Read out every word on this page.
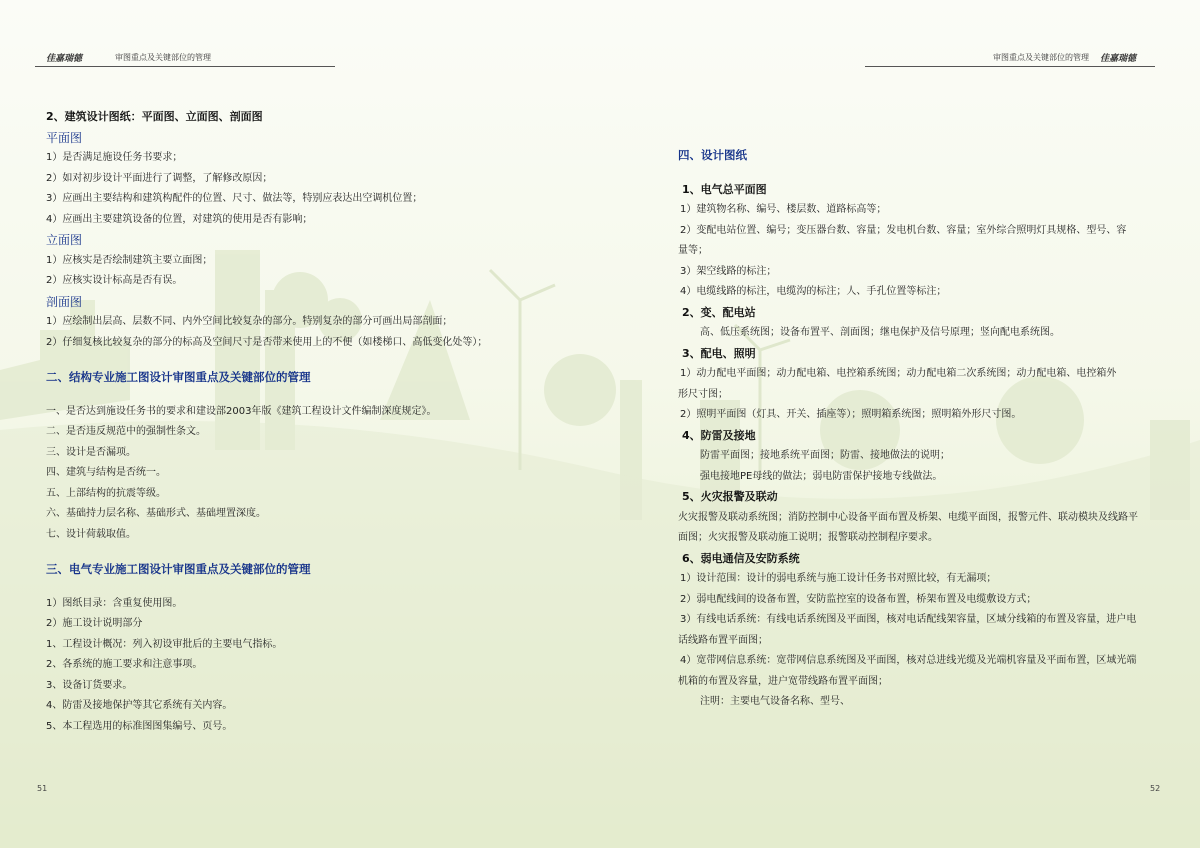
佳嘉瑞德	审图重点及关键部位的管理

2、建筑设计图纸：平面图、立面图、剖面图

平面图

1）是否满足施设任务书要求；

2）如对初步设计平面进行了调整，了解修改原因；

3）应画出主要结构和建筑构配件的位置、尺寸、做法等，特别应表达出空调机位置；

4）应画出主要建筑设备的位置，对建筑的使用是否有影响；

立面图

1）应核实是否绘制建筑主要立面图；

2）应核实设计标高是否有误。

剖面图

1）应绘制出层高、层数不同、内外空间比较复杂的部分。特别复杂的部分可画出局部剖面；

2）仔细复核比较复杂的部分的标高及空间尺寸是否带来使用上的不便（如楼梯口、高低变化处等）；

二、结构专业施工图设计审图重点及关键部位的管理

一、是否达到施设任务书的要求和建设部2003年版《建筑工程设计文件编制深度规定》。

二、是否违反规范中的强制性条文。

三、设计是否漏项。

四、建筑与结构是否统一。

五、上部结构的抗震等级。

六、基础持力层名称、基础形式、基础埋置深度。

七、设计荷载取值。

三、电气专业施工图设计审图重点及关键部位的管理

1）图纸目录：含重复使用图。

2）施工设计说明部分

1、工程设计概况：列入初设审批后的主要电气指标。

2、各系统的施工要求和注意事项。

3、设备订货要求。

4、防雷及接地保护等其它系统有关内容。

5、本工程选用的标准图图集编号、页号。

51
审图重点及关键部位的管理 佳嘉瑞德

四、设计图纸

1、电气总平面图

1）建筑物名称、编号、楼层数、道路标高等；

2）变配电站位置、编号；变压器台数、容量；发电机台数、容量；室外综合照明灯具规格、型号、容

量等；

3）架空线路的标注；

4）电缆线路的标注，电缆沟的标注；人、手孔位置等标注；

2、变、配电站

高、低压系统图；设备布置平、剖面图；继电保护及信号原理；竖向配电系统图。

3、配电、照明

1）动力配电平面图；动力配电箱、电控箱系统图；动力配电箱二次系统图；动力配电箱、电控箱外

形尺寸图；

2）照明平面图（灯具、开关、插座等）；照明箱系统图；照明箱外形尺寸图。

4、防雷及接地

防雷平面图；接地系统平面图；防雷、接地做法的说明；

强电接地PE母线的做法；弱电防雷保护接地专线做法。

5、火灾报警及联动

火灾报警及联动系统图；消防控制中心设备平面布置及桥架、电缆平面图，报警元件、联动模块及线路平

面图；火灾报警及联动施工说明；报警联动控制程序要求。

6、弱电通信及安防系统

1）设计范围：设计的弱电系统与施工设计任务书对照比较，有无漏项；

2）弱电配线间的设备布置，安防监控室的设备布置，桥架布置及电缆敷设方式；

3）有线电话系统：有线电话系统图及平面图，核对电话配线架容量，区域分线箱的布置及容量，进户电

话线路布置平面图；

4）宽带网信息系统：宽带网信息系统图及平面图，核对总进线光缆及光端机容量及平面布置，区域光端

机箱的布置及容量，进户宽带线路布置平面图；

注明：主要电气设备名称、型号、

52
